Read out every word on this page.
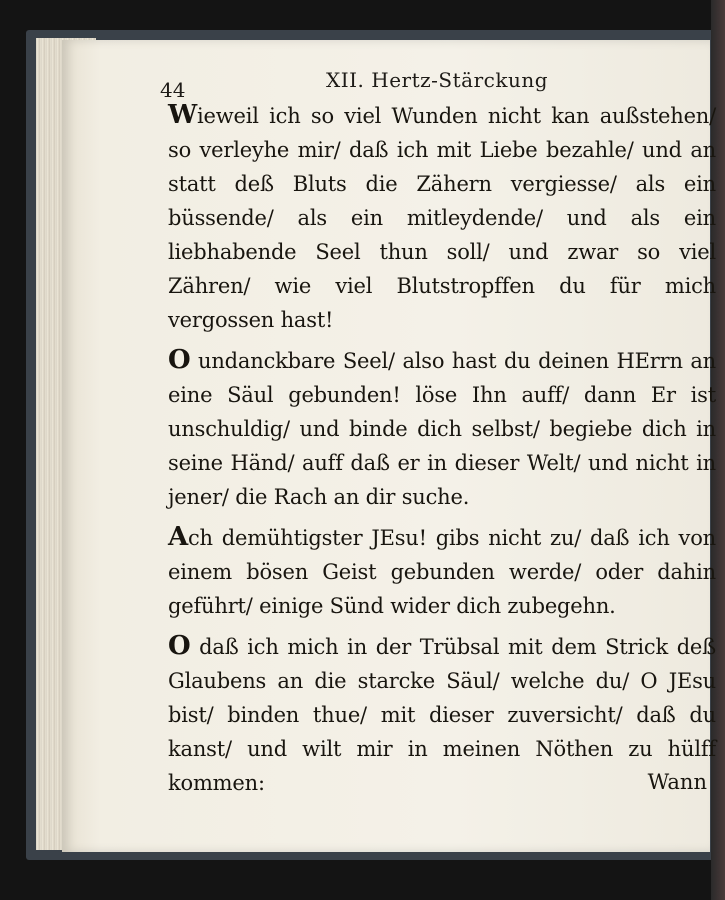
44	XII. Hertz-Stärckung

Wieweil ich so viel Wunden nicht kan außstehen/ so verleyhe mir/ daß ich mit Liebe bezahle/ und an statt deß Bluts die Zähern vergiesse/ als ein büssende/ als ein mitleydende/ und als ein liebhabende Seel thun soll/ und zwar so viel Zähren/ wie viel Blutstropffen du für mich vergossen hast!

O undanckbare Seel/ also hast du deinen HErrn an eine Säul gebunden! löse Ihn auff/ dann Er ist unschuldig/ und binde dich selbst/ begiebe dich in seine Händ/ auff daß er in dieser Welt/ und nicht in jener/ die Rach an dir suche.

Ach demühtigster JEsu! gibs nicht zu/ daß ich von einem bösen Geist gebunden werde/ oder dahin geführt/ einige Sünd wider dich zubegehn.

O daß ich mich in der Trübsal mit dem Strick deß Glaubens an die starcke Säul/ welche du/ O JEsu bist/ binden thue/ mit dieser zuversicht/ daß du kanst/ und wilt mir in meinen Nöthen zu hülff kommen:	Wann
